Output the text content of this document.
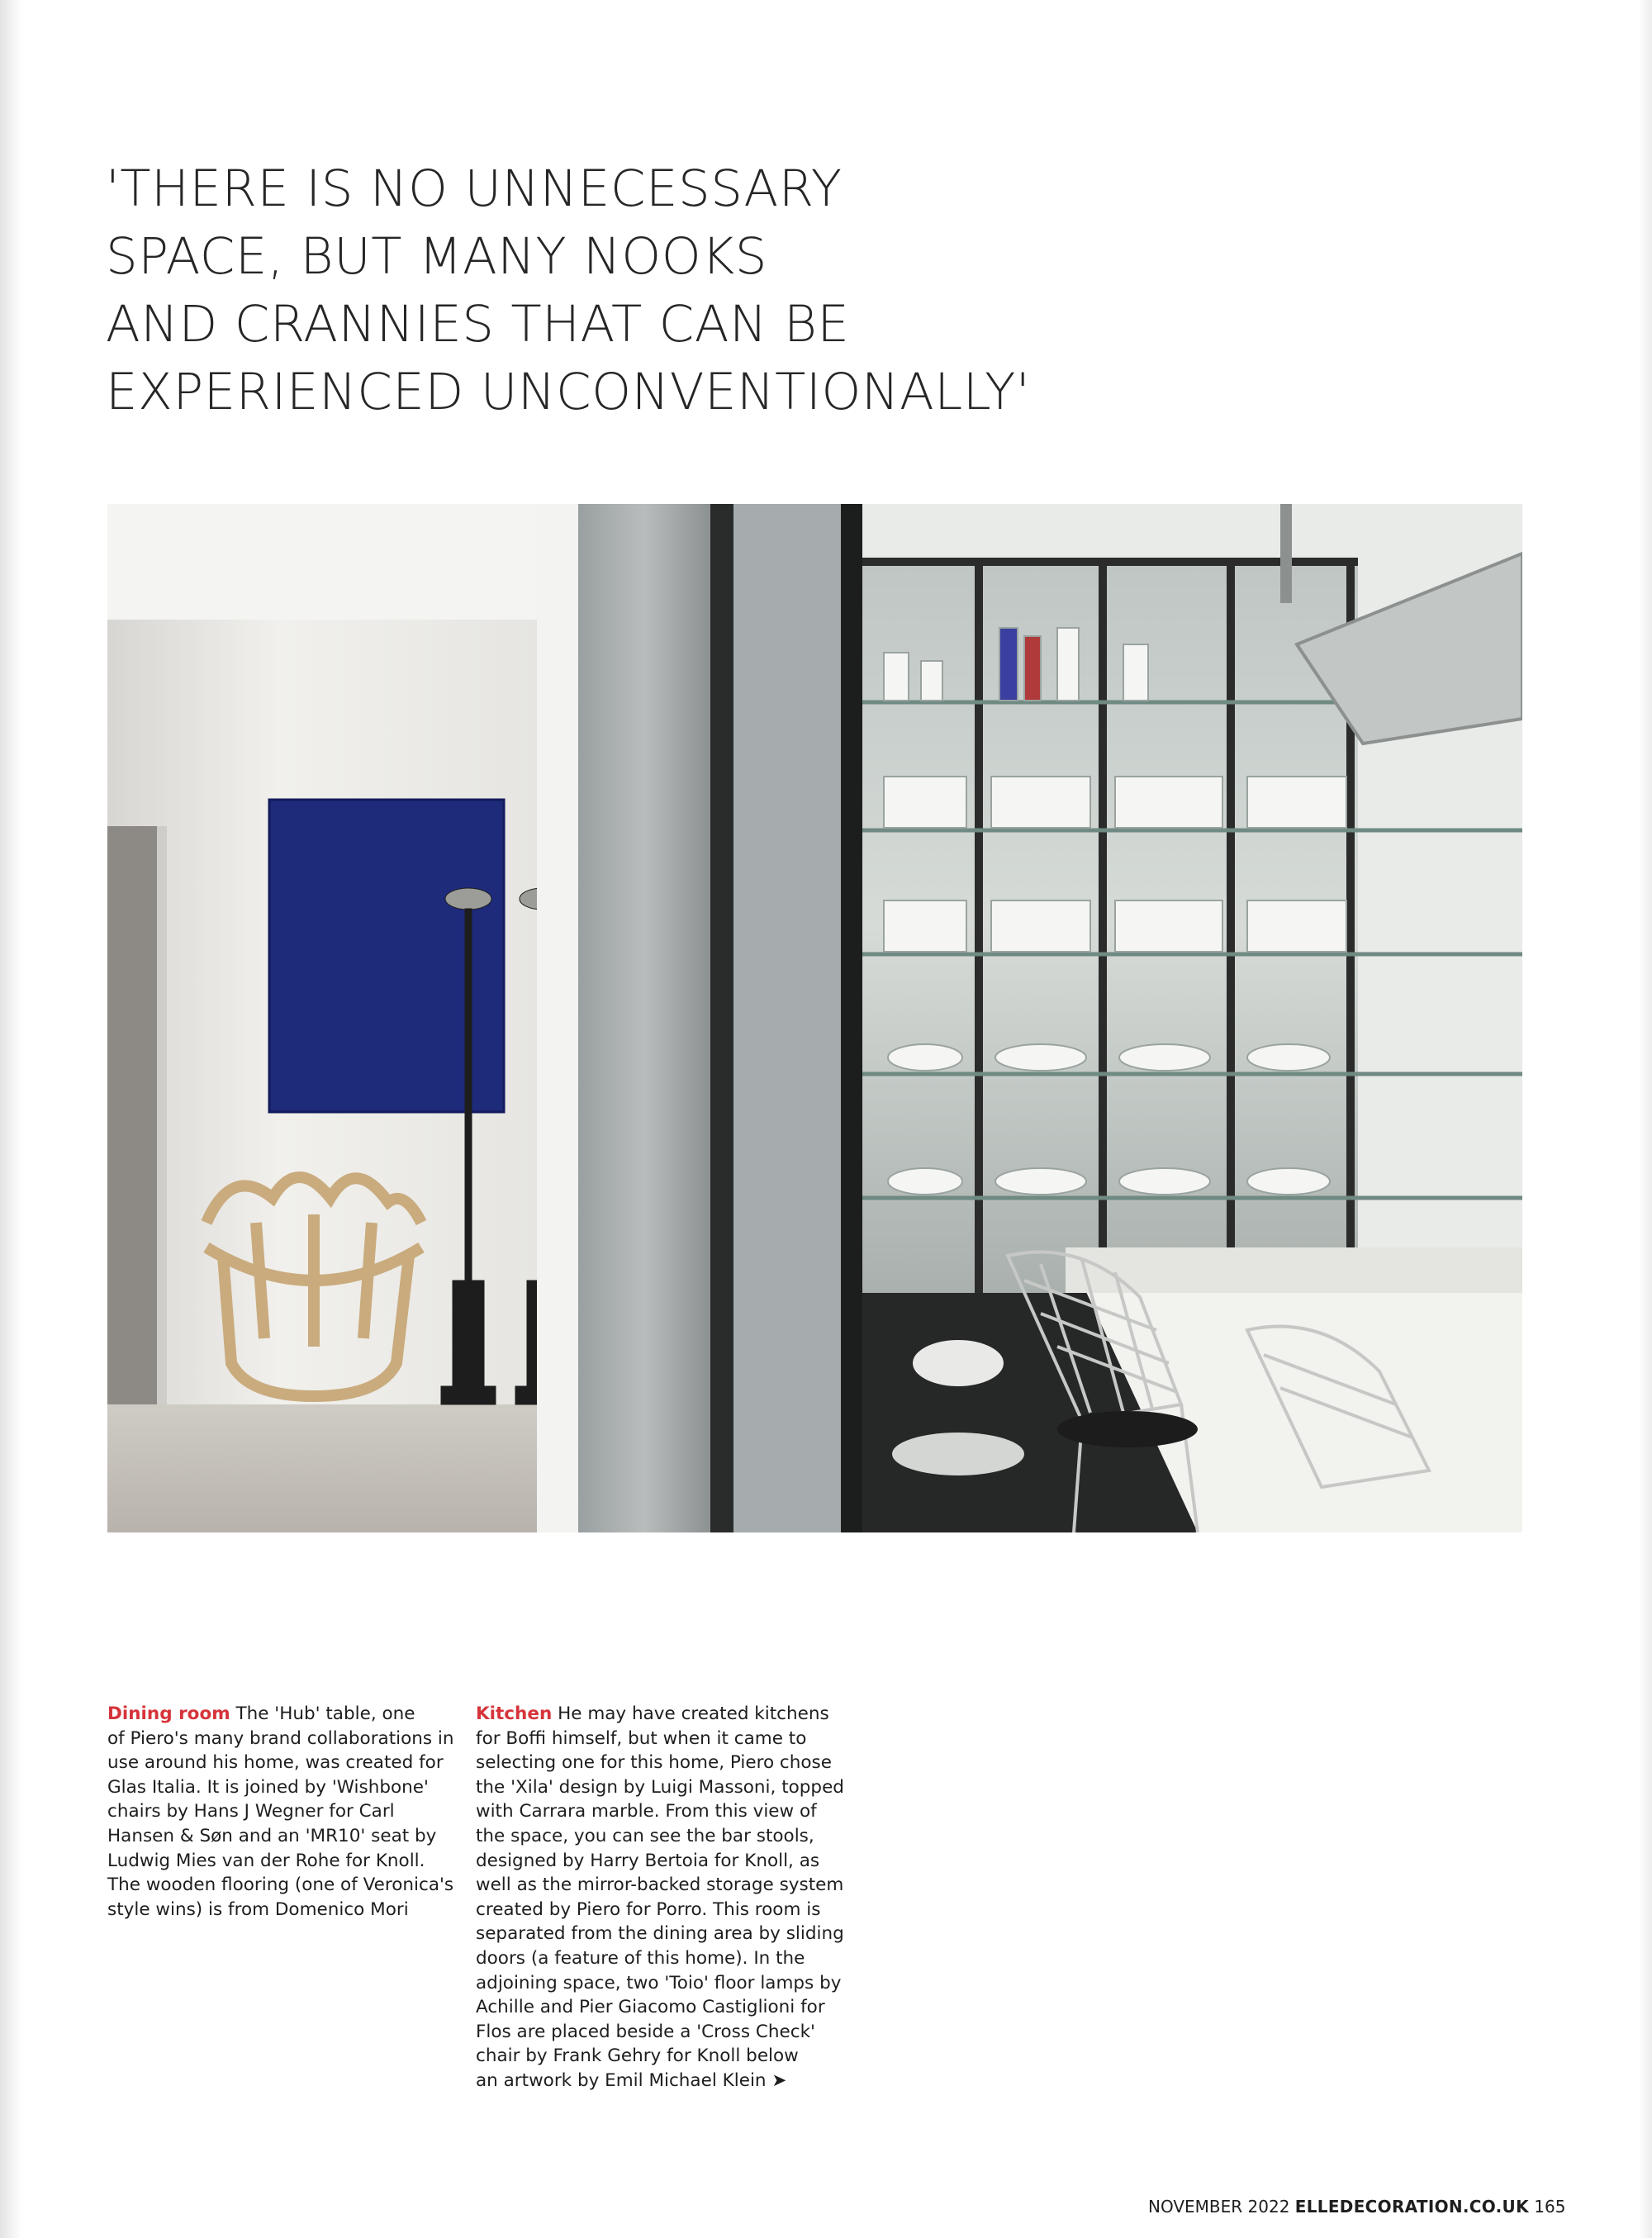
'THERE IS NO UNNECESSARY
SPACE, BUT MANY NOOKS
AND CRANNIES THAT CAN BE
EXPERIENCED UNCONVENTIONALLY'

Dining room The 'Hub' table, one
of Piero's many brand collaborations in
use around his home, was created for
Glas Italia. It is joined by 'Wishbone'
chairs by Hans J Wegner for Carl
Hansen & Søn and an 'MR10' seat by
Ludwig Mies van der Rohe for Knoll.
The wooden flooring (one of Veronica's
style wins) is from Domenico Mori

Kitchen He may have created kitchens
for Boffi himself, but when it came to
selecting one for this home, Piero chose
the 'Xila' design by Luigi Massoni, topped
with Carrara marble. From this view of
the space, you can see the bar stools,
designed by Harry Bertoia for Knoll, as
well as the mirror-backed storage system
created by Piero for Porro. This room is
separated from the dining area by sliding
doors (a feature of this home). In the
adjoining space, two 'Toio' floor lamps by
Achille and Pier Giacomo Castiglioni for
Flos are placed beside a 'Cross Check'
chair by Frank Gehry for Knoll below
an artwork by Emil Michael Klein ➤

NOVEMBER 2022 ELLEDECORATION.CO.UK 165
